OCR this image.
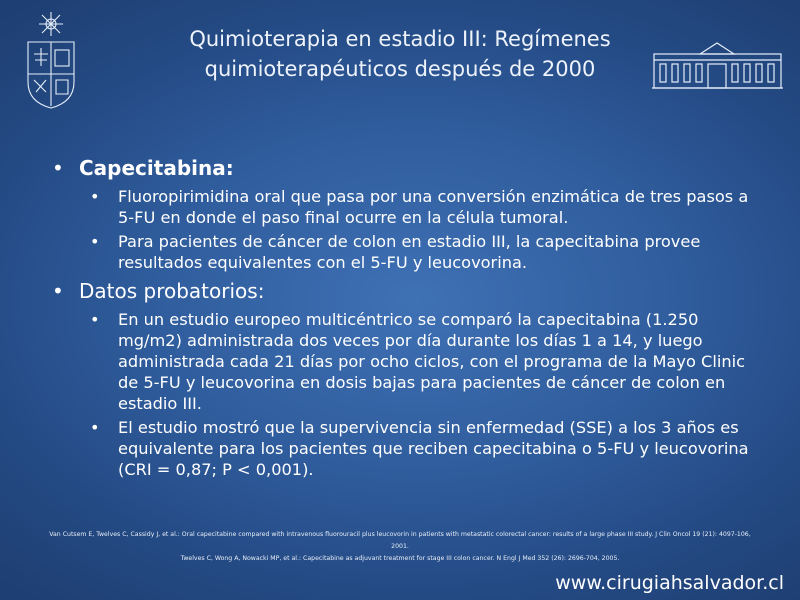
Quimioterapia en estadio III: Regímenes
quimioterapéuticos después de 2000
• Capecitabina:
• Fluoropirimidina oral que pasa por una conversión enzimática de tres pasos a 5-FU en donde el paso final ocurre en la célula tumoral.
• Para pacientes de cáncer de colon en estadio III, la capecitabina provee resultados equivalentes con el 5-FU y leucovorina.
• Datos probatorios:
• En un estudio europeo multicéntrico se comparó la capecitabina (1.250 mg/m2) administrada dos veces por día durante los días 1 a 14, y luego administrada cada 21 días por ocho ciclos, con el programa de la Mayo Clinic de 5-FU y leucovorina en dosis bajas para pacientes de cáncer de colon en estadio III.
• El estudio mostró que la supervivencia sin enfermedad (SSE) a los 3 años es equivalente para los pacientes que reciben capecitabina o 5-FU y leucovorina (CRI = 0,87; P < 0,001).
Van Cutsem E, Twelves C, Cassidy J, et al.: Oral capecitabine compared with intravenous fluorouracil plus leucovorin in patients with metastatic colorectal cancer: results of a large phase III study. J Clin Oncol 19 (21): 4097-106, 2001.
Twelves C, Wong A, Nowacki MP, et al.: Capecitabine as adjuvant treatment for stage III colon cancer. N Engl J Med 352 (26): 2696-704, 2005.
www.cirugiahsalvador.cl
